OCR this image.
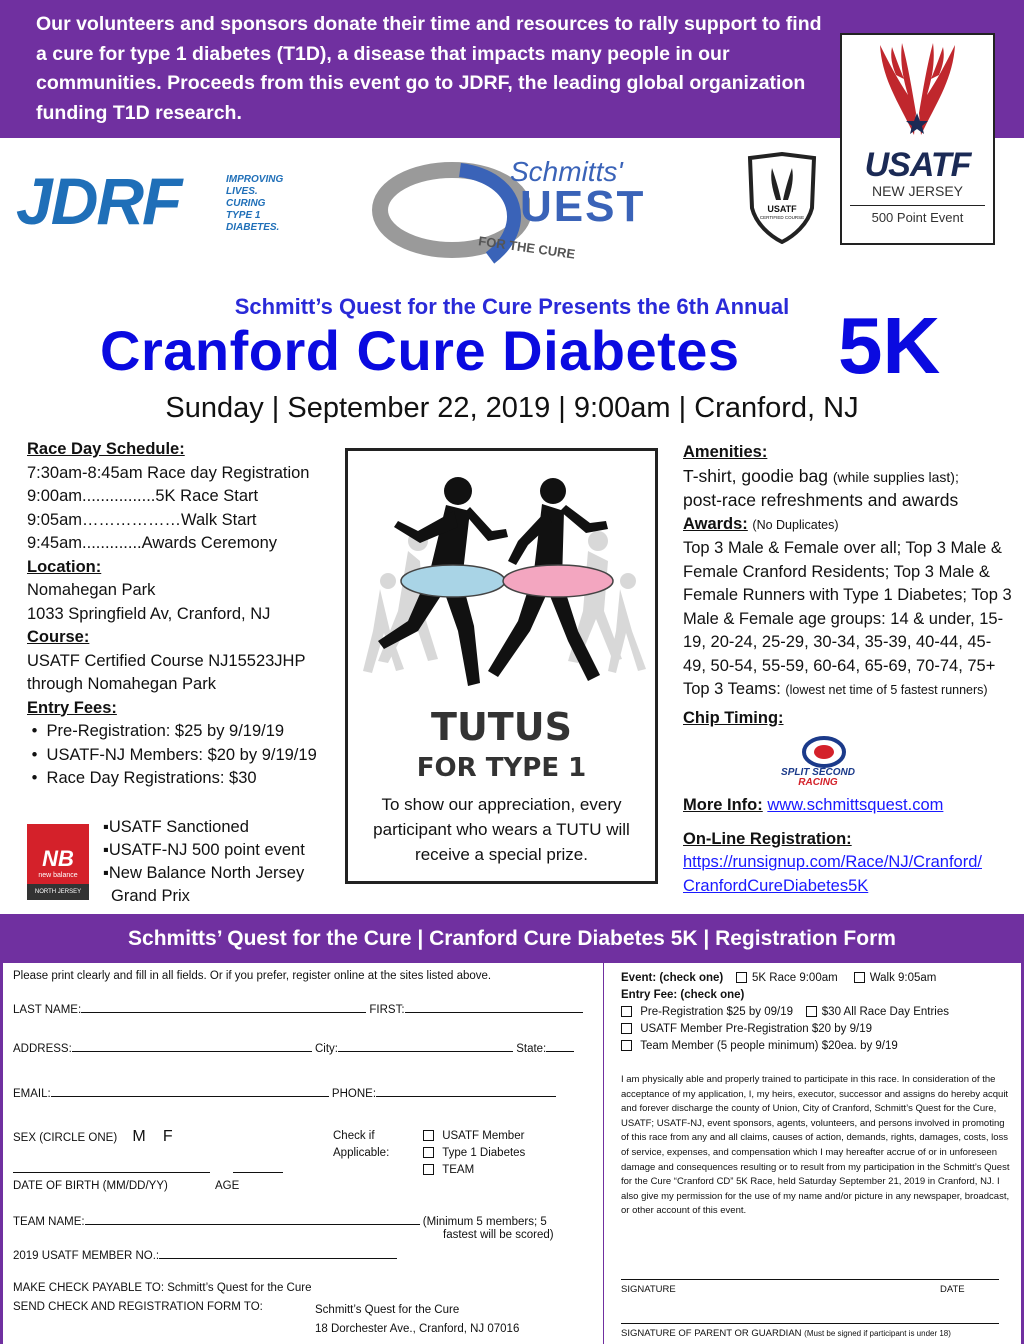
Our volunteers and sponsors donate their time and resources to rally support to find a cure for type 1 diabetes (T1D), a disease that impacts many people in our communities. Proceeds from this event go to JDRF, the leading global organization funding T1D research.
USATF
NEW JERSEY
500 Point Event
JDRF	IMPROVING
LIVES.
CURING
TYPE 1
DIABETES.
Schmitts'
UEST
FOR THE CURE
USATF
CERTIFIED COURSE
Schmitt’s Quest for the Cure Presents the 6th Annual
Cranford Cure Diabetes 5K
Sunday | September 22, 2019 | 9:00am | Cranford, NJ
Race Day Schedule:
7:30am-8:45am Race day Registration
9:00am................5K Race Start
9:05am………………Walk Start
9:45am.............Awards Ceremony
Location:
Nomahegan Park
1033 Springfield Av, Cranford, NJ
Course:
USATF Certified Course NJ15523JHP
through Nomahegan Park
Entry Fees:
•  Pre-Registration: $25 by 9/19/19
•  USATF-NJ Members: $20 by 9/19/19
•  Race Day Registrations: $30
NB
new balance
NORTH JERSEY
▪USATF Sanctioned
▪USATF-NJ 500 point event
▪New Balance North Jersey Grand Prix
TUTUS
FOR TYPE 1
To show our appreciation, every participant who wears a TUTU will receive a special prize.
Amenities:
T-shirt, goodie bag (while supplies last);
post-race refreshments and awards
Awards: (No Duplicates)
Top 3 Male & Female over all; Top 3 Male & Female Cranford Residents; Top 3 Male & Female Runners with Type 1 Diabetes; Top 3 Male & Female age groups: 14 & under, 15-19, 20-24, 25-29, 30-34, 35-39, 40-44, 45-49, 50-54, 55-59, 60-64, 65-69, 70-74, 75+
Top 3 Teams: (lowest net time of 5 fastest runners)
Chip Timing:
SPLIT SECOND
RACING
More Info: www.schmittsquest.com
On-Line Registration:
https://runsignup.com/Race/NJ/Cranford/
CranfordCureDiabetes5K
Schmitts’ Quest for the Cure | Cranford Cure Diabetes 5K | Registration Form
Please print clearly and fill in all fields. Or if you prefer, register online at the sites listed above.
LAST NAME:	FIRST:
ADDRESS:	City:	State:
EMAIL:	PHONE:
SEX (CIRCLE ONE) M F	Check if
Applicable:
USATF Member
Type 1 Diabetes
TEAM
DATE OF BIRTH (MM/DD/YY)	AGE
TEAM NAME:	(Minimum 5 members; 5
fastest will be scored)
2019 USATF MEMBER NO.:
MAKE CHECK PAYABLE TO: Schmitt’s Quest for the Cure
SEND CHECK AND REGISTRATION FORM TO:	Schmitt’s Quest for the Cure
18 Dorchester Ave., Cranford, NJ 07016
Event: (check one)	5K Race 9:00am	Walk 9:05am
Entry Fee: (check one)
Pre-Registration $25 by 09/19	$30 All Race Day Entries
USATF Member Pre-Registration $20 by 9/19
Team Member (5 people minimum) $20ea. by 9/19
I am physically able and properly trained to participate in this race. In consideration of the acceptance of my application, I, my heirs, executor, successor and assigns do hereby acquit and forever discharge the county of Union, City of Cranford, Schmitt’s Quest for the Cure, USATF; USATF-NJ, event sponsors, agents, volunteers, and persons involved in promoting of this race from any and all claims, causes of action, demands, rights, damages, costs, loss of service, expenses, and compensation which I may hereafter accrue of or in unforeseen damage and consequences resulting or to result from my participation in the Schmitt’s Quest for the Cure “Cranford CD” 5K Race, held Saturday September 21, 2019 in Cranford, NJ. I also give my permission for the use of my name and/or picture in any newspaper, broadcast, or other account of this event.
SIGNATURE	DATE
SIGNATURE OF PARENT OR GUARDIAN (Must be signed if participant is under 18)
